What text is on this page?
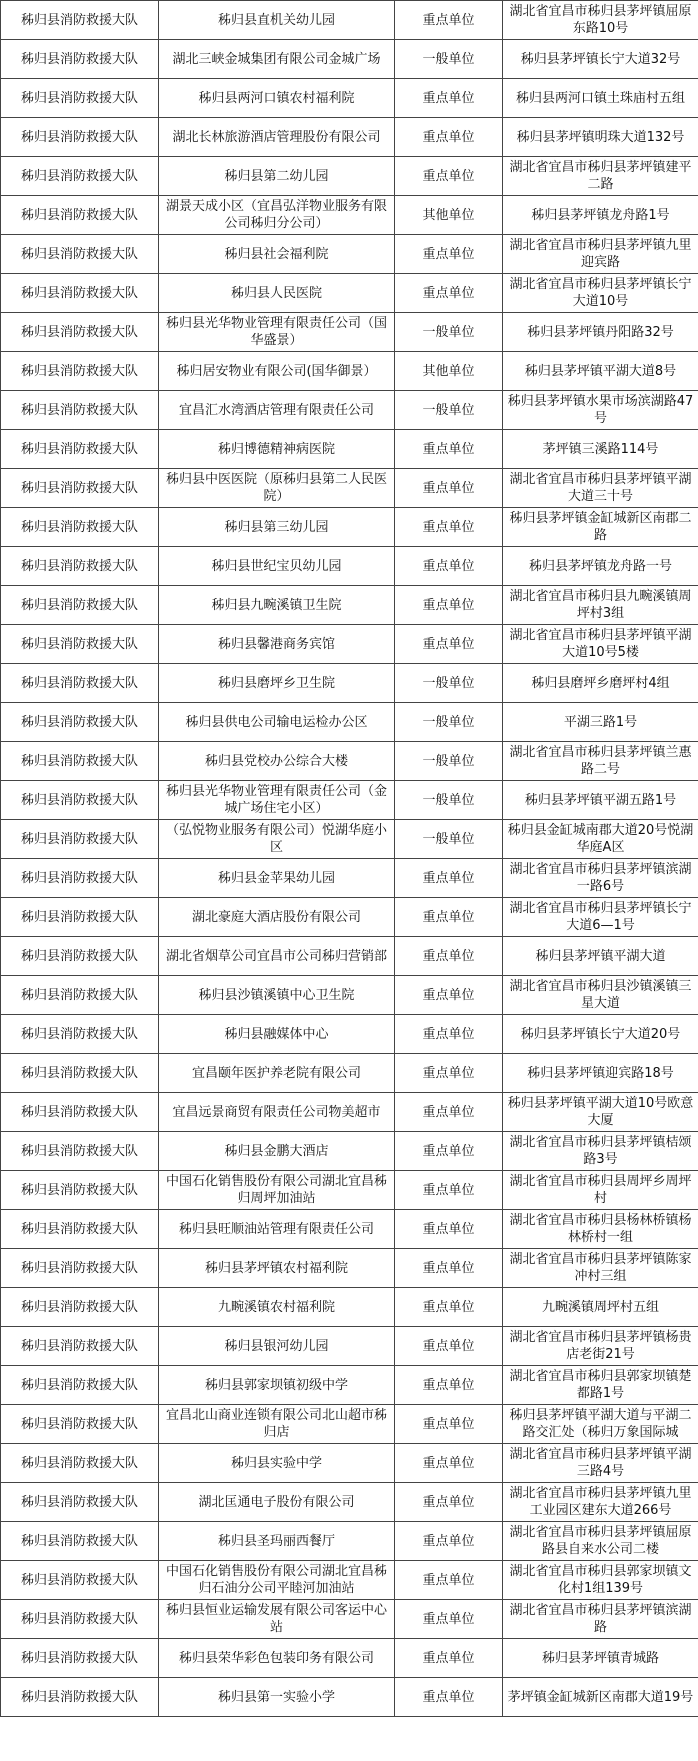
秭归县消防救援大队	秭归县直机关幼儿园	重点单位	湖北省宜昌市秭归县茅坪镇屈原东路10号
秭归县消防救援大队	湖北三峡金城集团有限公司金城广场	一般单位	秭归县茅坪镇长宁大道32号
秭归县消防救援大队	秭归县两河口镇农村福利院	重点单位	秭归县两河口镇土珠庙村五组
秭归县消防救援大队	湖北长林旅游酒店管理股份有限公司	重点单位	秭归县茅坪镇明珠大道132号
秭归县消防救援大队	秭归县第二幼儿园	重点单位	湖北省宜昌市秭归县茅坪镇建平二路
秭归县消防救援大队	湖景天成小区（宜昌弘洋物业服务有限公司秭归分公司）	其他单位	秭归县茅坪镇龙舟路1号
秭归县消防救援大队	秭归县社会福利院	重点单位	湖北省宜昌市秭归县茅坪镇九里迎宾路
秭归县消防救援大队	秭归县人民医院	重点单位	湖北省宜昌市秭归县茅坪镇长宁大道10号
秭归县消防救援大队	秭归县光华物业管理有限责任公司（国华盛景）	一般单位	秭归县茅坪镇丹阳路32号
秭归县消防救援大队	秭归居安物业有限公司(国华御景）	其他单位	秭归县茅坪镇平湖大道8号
秭归县消防救援大队	宜昌汇水湾酒店管理有限责任公司	一般单位	秭归县茅坪镇水果市场滨湖路47号
秭归县消防救援大队	秭归博德精神病医院	重点单位	茅坪镇三溪路114号
秭归县消防救援大队	秭归县中医医院（原秭归县第二人民医院）	重点单位	湖北省宜昌市秭归县茅坪镇平湖大道三十号
秭归县消防救援大队	秭归县第三幼儿园	重点单位	秭归县茅坪镇金缸城新区南郡二路
秭归县消防救援大队	秭归县世纪宝贝幼儿园	重点单位	秭归县茅坪镇龙舟路一号
秭归县消防救援大队	秭归县九畹溪镇卫生院	重点单位	湖北省宜昌市秭归县九畹溪镇周坪村3组
秭归县消防救援大队	秭归县馨港商务宾馆	重点单位	湖北省宜昌市秭归县茅坪镇平湖大道10号5楼
秭归县消防救援大队	秭归县磨坪乡卫生院	一般单位	秭归县磨坪乡磨坪村4组
秭归县消防救援大队	秭归县供电公司输电运检办公区	一般单位	平湖三路1号
秭归县消防救援大队	秭归县党校办公综合大楼	一般单位	湖北省宜昌市秭归县茅坪镇兰惠路二号
秭归县消防救援大队	秭归县光华物业管理有限责任公司（金城广场住宅小区）	一般单位	秭归县茅坪镇平湖五路1号
秭归县消防救援大队	（弘悦物业服务有限公司）悦湖华庭小区	一般单位	秭归县金缸城南郡大道20号悦湖华庭A区
秭归县消防救援大队	秭归县金苹果幼儿园	重点单位	湖北省宜昌市秭归县茅坪镇滨湖一路6号
秭归县消防救援大队	湖北豪庭大酒店股份有限公司	重点单位	湖北省宜昌市秭归县茅坪镇长宁大道6—1号
秭归县消防救援大队	湖北省烟草公司宜昌市公司秭归营销部	重点单位	秭归县茅坪镇平湖大道
秭归县消防救援大队	秭归县沙镇溪镇中心卫生院	重点单位	湖北省宜昌市秭归县沙镇溪镇三星大道
秭归县消防救援大队	秭归县融媒体中心	重点单位	秭归县茅坪镇长宁大道20号
秭归县消防救援大队	宜昌颐年医护养老院有限公司	重点单位	秭归县茅坪镇迎宾路18号
秭归县消防救援大队	宜昌远景商贸有限责任公司物美超市	重点单位	秭归县茅坪镇平湖大道10号欧意大厦
秭归县消防救援大队	秭归县金鹏大酒店	重点单位	湖北省宜昌市秭归县茅坪镇桔颂路3号
秭归县消防救援大队	中国石化销售股份有限公司湖北宜昌秭归周坪加油站	重点单位	湖北省宜昌市秭归县周坪乡周坪村
秭归县消防救援大队	秭归县旺顺油站管理有限责任公司	重点单位	湖北省宜昌市秭归县杨林桥镇杨林桥村一组
秭归县消防救援大队	秭归县茅坪镇农村福利院	重点单位	湖北省宜昌市秭归县茅坪镇陈家冲村三组
秭归县消防救援大队	九畹溪镇农村福利院	重点单位	九畹溪镇周坪村五组
秭归县消防救援大队	秭归县银河幼儿园	重点单位	湖北省宜昌市秭归县茅坪镇杨贵店老街21号
秭归县消防救援大队	秭归县郭家坝镇初级中学	重点单位	湖北省宜昌市秭归县郭家坝镇楚都路1号
秭归县消防救援大队	宜昌北山商业连锁有限公司北山超市秭归店	重点单位	秭归县茅坪镇平湖大道与平湖二路交汇处（秭归万象国际城
秭归县消防救援大队	秭归县实验中学	重点单位	湖北省宜昌市秭归县茅坪镇平湖三路4号
秭归县消防救援大队	湖北匡通电子股份有限公司	重点单位	湖北省宜昌市秭归县茅坪镇九里工业园区建东大道266号
秭归县消防救援大队	秭归县圣玛丽西餐厅	重点单位	湖北省宜昌市秭归县茅坪镇屈原路县自来水公司二楼
秭归县消防救援大队	中国石化销售股份有限公司湖北宜昌秭归石油分公司平睦河加油站	重点单位	湖北省宜昌市秭归县郭家坝镇文化村1组139号
秭归县消防救援大队	秭归县恒业运输发展有限公司客运中心站	重点单位	湖北省宜昌市秭归县茅坪镇滨湖路
秭归县消防救援大队	秭归县荣华彩色包装印务有限公司	重点单位	秭归县茅坪镇青城路
秭归县消防救援大队	秭归县第一实验小学	重点单位	茅坪镇金缸城新区南郡大道19号
